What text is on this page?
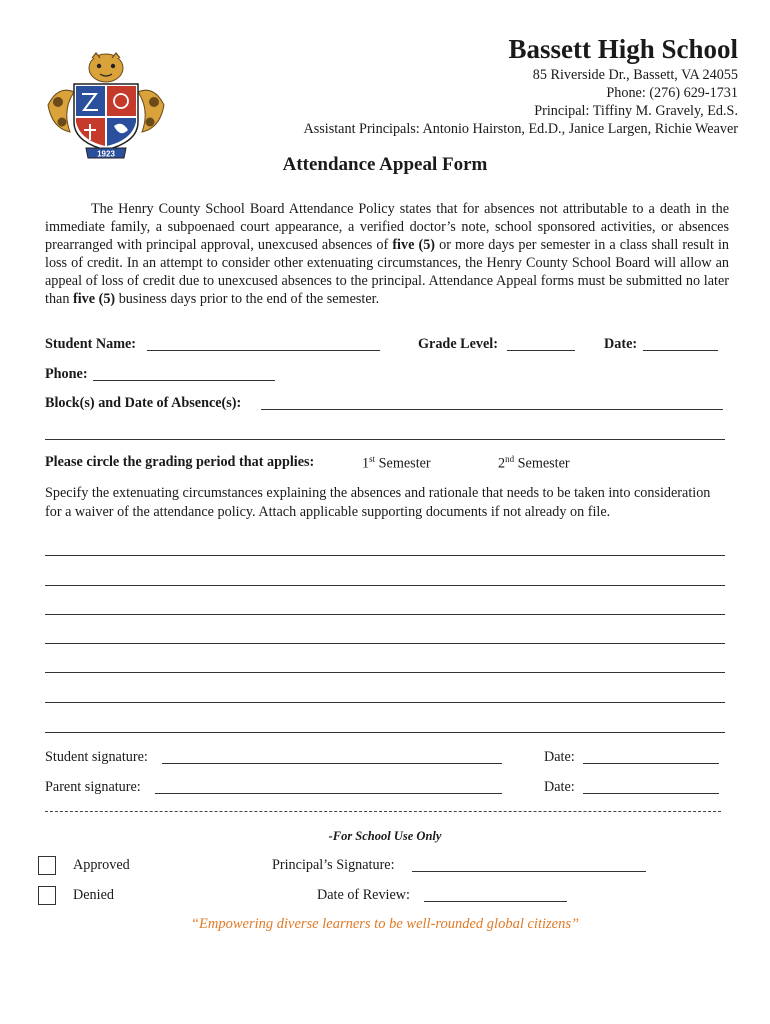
1923
Bassett High School
85 Riverside Dr., Bassett, VA 24055
Phone: (276) 629-1731
Principal: Tiffiny M. Gravely, Ed.S.
Assistant Principals: Antonio Hairston, Ed.D., Janice Largen, Richie Weaver
Attendance Appeal Form
The Henry County School Board Attendance Policy states that for absences not attributable to a death in the immediate family, a subpoenaed court appearance, a verified doctor’s note, school sponsored activities, or absences prearranged with principal approval, unexcused absences of five (5) or more days per semester in a class shall result in loss of credit. In an attempt to consider other extenuating circumstances, the Henry County School Board will allow an appeal of loss of credit due to unexcused absences to the principal. Attendance Appeal forms must be submitted no later than five (5) business days prior to the end of the semester.
Student Name:	Grade Level:	Date:
Phone:
Block(s) and Date of Absence(s):
Please circle the grading period that applies:	1st Semester	2nd Semester
Specify the extenuating circumstances explaining the absences and rationale that needs to be taken into consideration for a waiver of the attendance policy. Attach applicable supporting documents if not already on file.
Student signature:	Date:
Parent signature:	Date:
-For School Use Only
Approved	Principal’s Signature:
Denied	Date of Review:
“Empowering diverse learners to be well-rounded global citizens”
